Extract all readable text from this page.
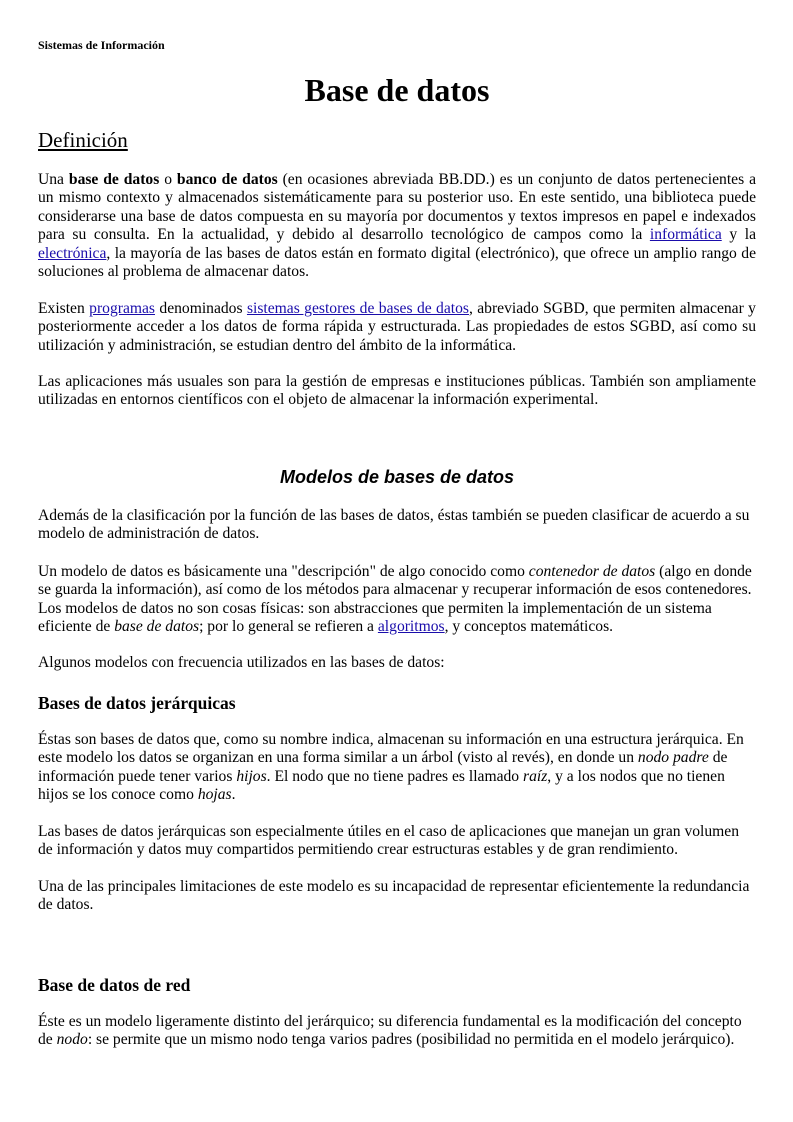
Sistemas de Información
Base de datos
Definición

Una base de datos o banco de datos (en ocasiones abreviada BB.DD.) es un conjunto de datos pertenecientes a un mismo contexto y almacenados sistemáticamente para su posterior uso. En este sentido, una biblioteca puede considerarse una base de datos compuesta en su mayoría por documentos y textos impresos en papel e indexados para su consulta. En la actualidad, y debido al desarrollo tecnológico de campos como la informática y la electrónica, la mayoría de las bases de datos están en formato digital (electrónico), que ofrece un amplio rango de soluciones al problema de almacenar datos.

Existen programas denominados sistemas gestores de bases de datos, abreviado SGBD, que permiten almacenar y posteriormente acceder a los datos de forma rápida y estructurada. Las propiedades de estos SGBD, así como su utilización y administración, se estudian dentro del ámbito de la informática.

Las aplicaciones más usuales son para la gestión de empresas e instituciones públicas. También son ampliamente utilizadas en entornos científicos con el objeto de almacenar la información experimental.

Modelos de bases de datos

Además de la clasificación por la función de las bases de datos, éstas también se pueden clasificar de acuerdo a su modelo de administración de datos.

Un modelo de datos es básicamente una "descripción" de algo conocido como contenedor de datos (algo en donde se guarda la información), así como de los métodos para almacenar y recuperar información de esos contenedores. Los modelos de datos no son cosas físicas: son abstracciones que permiten la implementación de un sistema eficiente de base de datos; por lo general se refieren a algoritmos, y conceptos matemáticos.

Algunos modelos con frecuencia utilizados en las bases de datos:

Bases de datos jerárquicas

Éstas son bases de datos que, como su nombre indica, almacenan su información en una estructura jerárquica. En este modelo los datos se organizan en una forma similar a un árbol (visto al revés), en donde un nodo padre de información puede tener varios hijos. El nodo que no tiene padres es llamado raíz, y a los nodos que no tienen hijos se los conoce como hojas.

Las bases de datos jerárquicas son especialmente útiles en el caso de aplicaciones que manejan un gran volumen de información y datos muy compartidos permitiendo crear estructuras estables y de gran rendimiento.

Una de las principales limitaciones de este modelo es su incapacidad de representar eficientemente la redundancia de datos.

Base de datos de red

Éste es un modelo ligeramente distinto del jerárquico; su diferencia fundamental es la modificación del concepto de nodo: se permite que un mismo nodo tenga varios padres (posibilidad no permitida en el modelo jerárquico).
